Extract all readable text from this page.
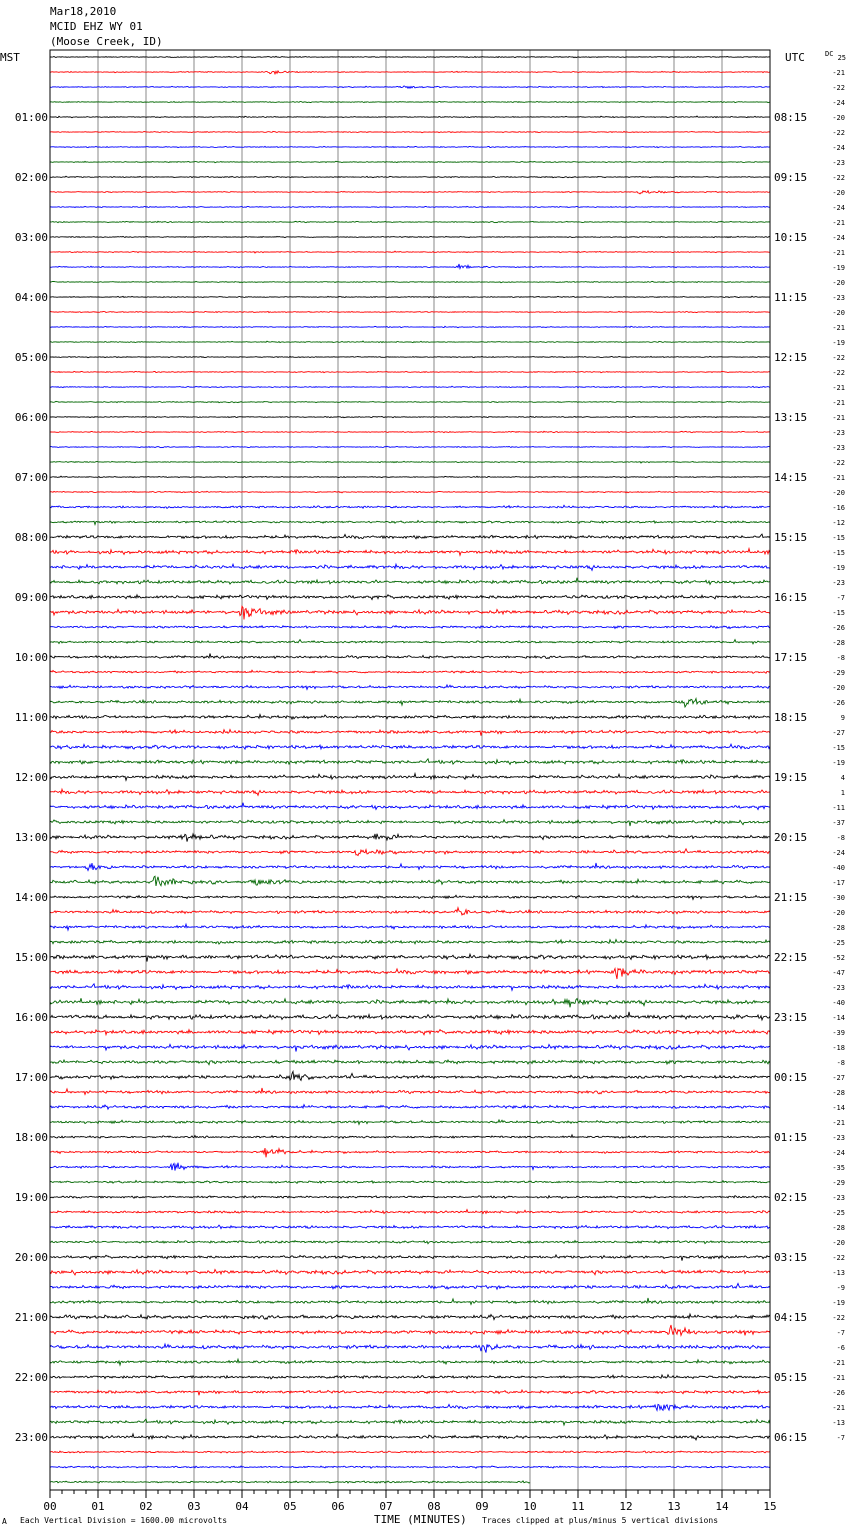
Mar18,2010
MCID EHZ WY 01
(Moose Creek, ID)
MST	UTC	DC
01:00
02:00
03:00
04:00
05:00
06:00
07:00
08:00
09:00
10:00
11:00
12:00
13:00
14:00
15:00
16:00
17:00
18:00
19:00
20:00
21:00
22:00
23:00
08:15
09:15
10:15
11:15
12:15
13:15
14:15
15:15
16:15
17:15
18:15
19:15
20:15
21:15
22:15
23:15
00:15
01:15
02:15
03:15
04:15
05:15
06:15
25
-21
-22
-24
-20
-22
-24
-23
-22
-20
-24
-21
-24
-21
-19
-20
-23
-20
-21
-19
-22
-22
-21
-21
-21
-23
-23
-22
-21
-20
-16
-12
-15
-15
-19
-23
-7
-15
-26
-28
-8
-29
-20
-26
9
-27
-15
-19
4
1
-11
-37
-8
-24
-40
-17
-30
-20
-28
-25
-52
-47
-23
-40
-14
-39
-18
-8
-27
-28
-14
-21
-23
-24
-35
-29
-23
-25
-28
-20
-22
-13
-9
-19
-22
-7
-6
-21
-21
-26
-21
-13
-7
00	01	02	03	04	05	06	07	08	09	10	11	12	13	14	15
A Each Vertical Division = 1600.00 microvolts	TIME (MINUTES) Traces clipped at plus/minus 5 vertical divisions
